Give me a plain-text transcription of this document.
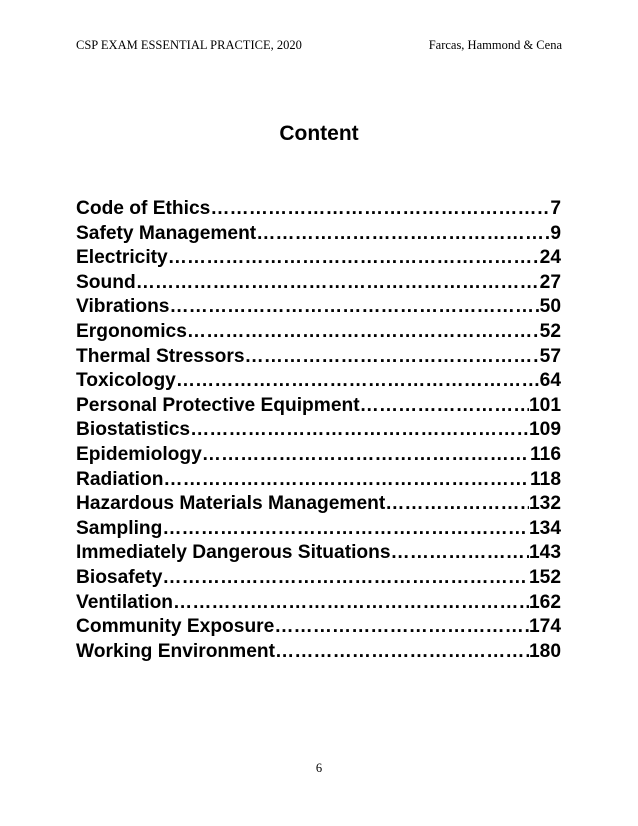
CSP EXAM ESSENTIAL PRACTICE, 2020	Farcas, Hammond & Cena
Content
Code of Ethics ……………………………………………………………………………………………………………………………………	7
Safety Management ……………………………………………………………………………………………………………………………………	9
Electricity ……………………………………………………………………………………………………………………………………	24
Sound ……………………………………………………………………………………………………………………………………	27
Vibrations ……………………………………………………………………………………………………………………………………	50
Ergonomics ……………………………………………………………………………………………………………………………………	52
Thermal Stressors ……………………………………………………………………………………………………………………………………	57
Toxicology ……………………………………………………………………………………………………………………………………	64
Personal Protective Equipment ……………………………………………………………………………………………………………………………………	101
Biostatistics ……………………………………………………………………………………………………………………………………	109
Epidemiology ……………………………………………………………………………………………………………………………………	116
Radiation ……………………………………………………………………………………………………………………………………	118
Hazardous Materials Management ……………………………………………………………………………………………………………………………………	132
Sampling ……………………………………………………………………………………………………………………………………	134
Immediately Dangerous Situations ……………………………………………………………………………………………………………………………………	143
Biosafety ……………………………………………………………………………………………………………………………………	152
Ventilation ……………………………………………………………………………………………………………………………………	162
Community Exposure ……………………………………………………………………………………………………………………………………	174
Working Environment ……………………………………………………………………………………………………………………………………	180
6
